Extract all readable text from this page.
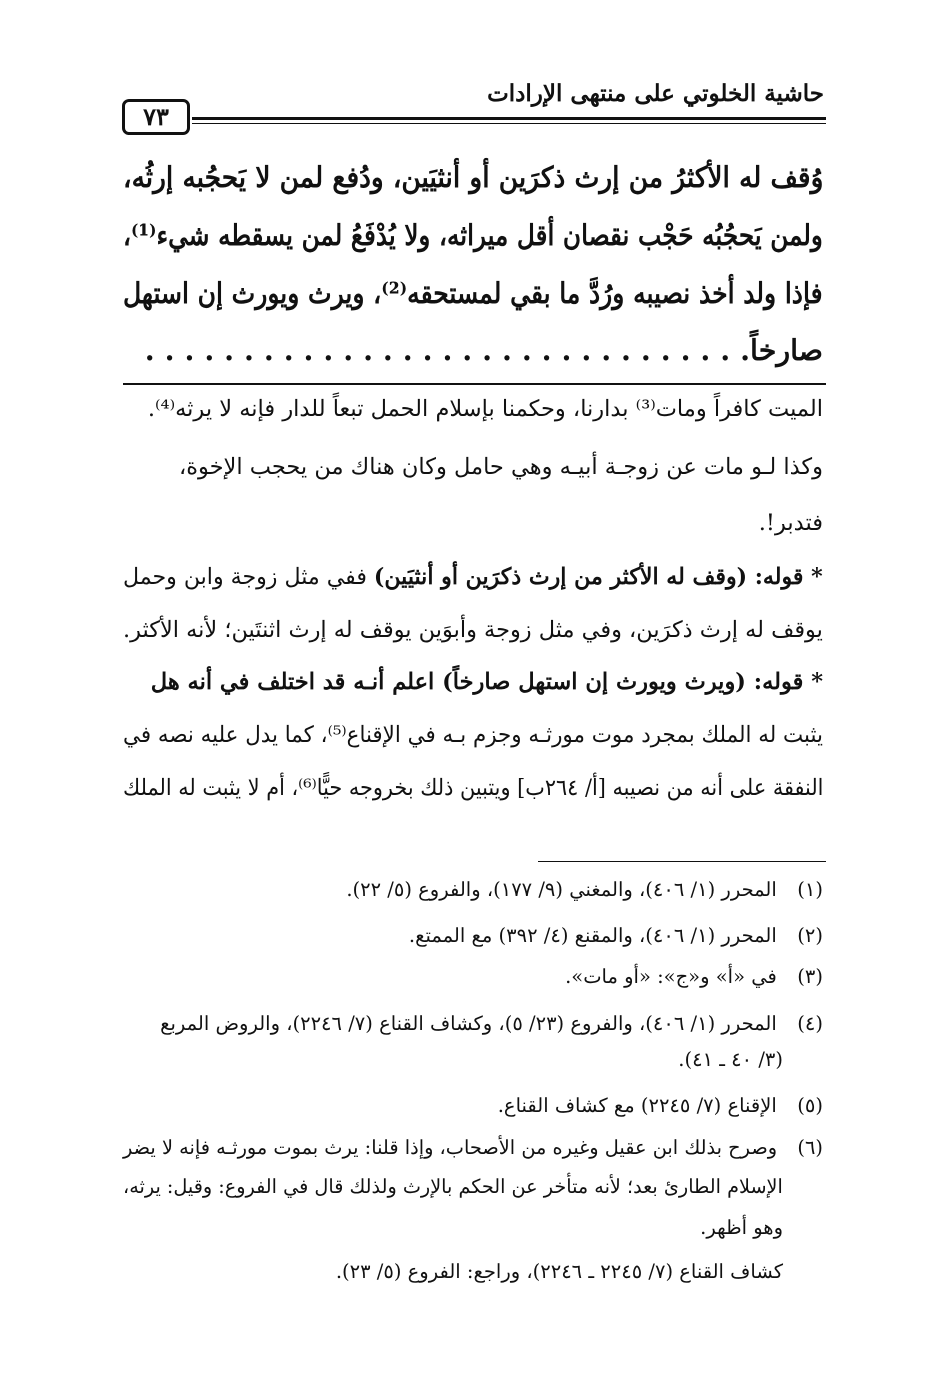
حاشية الخلوتي على منتهى الإرادات
٧٣
وُقف له الأكثرُ من إرث ذكرَين أو أنثيَين، ودُفع لمن لا يَحجُبه إرثُه،
ولمن يَحجُبُه حَجْب نقصان أقل ميراثه، ولا يُدْفَعُ لمن يسقطه شيء⁽¹⁾،
فإذا ولد أخذ نصيبه ورُدَّ ما بقي لمستحقه⁽²⁾، ويرث ويورث إن استهل
صارخاً. . . . . . . . . . . . . . . . . . . . . . . . . . . . . . .
الميت كافراً ومات⁽³⁾ بدارنا، وحكمنا بإسلام الحمل تبعاً للدار فإنه لا يرثه⁽⁴⁾.
وكذا لـو مات عن زوجـة أبيـه وهي حامل وكان هناك من يحجب الإخوة،
فتدبر!.
* قوله: (وقف له الأكثر من إرث ذكرَين أو أنثيَين) ففي مثل زوجة وابن وحمل
يوقف له إرث ذكرَين، وفي مثل زوجة وأبوَين يوقف له إرث اثنتَين؛ لأنه الأكثر.
* قوله: (ويرث ويورث إن استهل صارخاً) اعلم أنـه قد اختلف في أنه هل
يثبت له الملك بمجرد موت مورثـه وجزم بـه في الإقناع⁽⁵⁾، كما يدل عليه نصه في
النفقة على أنه من نصيبه [أ/ ٢٦٤ب] ويتبين ذلك بخروجه حيًّا⁽⁶⁾، أم لا يثبت له الملك
(١) المحرر (١/ ٤٠٦)، والمغني (٩/ ١٧٧)، والفروع (٥/ ٢٢).
(٢) المحرر (١/ ٤٠٦)، والمقنع (٤/ ٣٩٢) مع الممتع.
(٣) في «أ» و«ج»: «أو مات».
(٤) المحرر (١/ ٤٠٦)، والفروع (٢٣/ ٥)، وكشاف القناع (٧/ ٢٢٤٦)، والروض المربع
(٣/ ٤٠ ـ ٤١).
(٥) الإقناع (٧/ ٢٢٤٥) مع كشاف القناع.
(٦) وصرح بذلك ابن عقيل وغيره من الأصحاب، وإذا قلنا: يرث بموت مورثـه فإنه لا يضر
الإسلام الطارئ بعد؛ لأنه متأخر عن الحكم بالإرث ولذلك قال في الفروع: وقيل: يرثه،
وهو أظهر.
كشاف القناع (٧/ ٢٢٤٥ ـ ٢٢٤٦)، وراجع: الفروع (٥/ ٢٣).
